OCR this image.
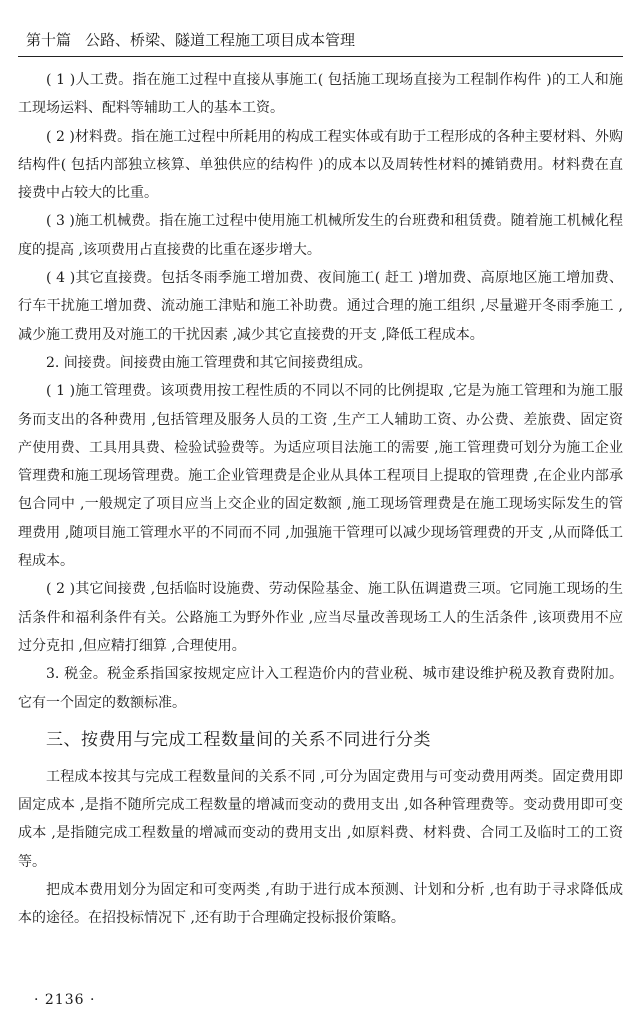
第十篇 公路、桥梁、隧道工程施工项目成本管理

( 1 )人工费。指在施工过程中直接从事施工( 包括施工现场直接为工程制作构件 )的工人和施工现场运料、配料等辅助工人的基本工资。

( 2 )材料费。指在施工过程中所耗用的构成工程实体或有助于工程形成的各种主要材料、外购结构件( 包括内部独立核算、单独供应的结构件 )的成本以及周转性材料的摊销费用。材料费在直接费中占较大的比重。

( 3 )施工机械费。指在施工过程中使用施工机械所发生的台班费和租赁费。随着施工机械化程度的提高 ,该项费用占直接费的比重在逐步增大。

( 4 )其它直接费。包括冬雨季施工增加费、夜间施工( 赶工 )增加费、高原地区施工增加费、行车干扰施工增加费、流动施工津贴和施工补助费。通过合理的施工组织 ,尽量避开冬雨季施工 ,减少施工费用及对施工的干扰因素 ,减少其它直接费的开支 ,降低工程成本。

2. 间接费。间接费由施工管理费和其它间接费组成。

( 1 )施工管理费。该项费用按工程性质的不同以不同的比例提取 ,它是为施工管理和为施工服务而支出的各种费用 ,包括管理及服务人员的工资 ,生产工人辅助工资、办公费、差旅费、固定资产使用费、工具用具费、检验试验费等。为适应项目法施工的需要 ,施工管理费可划分为施工企业管理费和施工现场管理费。施工企业管理费是企业从具体工程项目上提取的管理费 ,在企业内部承包合同中 ,一般规定了项目应当上交企业的固定数额 ,施工现场管理费是在施工现场实际发生的管理费用 ,随项目施工管理水平的不同而不同 ,加强施干管理可以减少现场管理费的开支 ,从而降低工程成本。

( 2 )其它间接费 ,包括临时设施费、劳动保险基金、施工队伍调遣费三项。它同施工现场的生活条件和福利条件有关。公路施工为野外作业 ,应当尽量改善现场工人的生活条件 ,该项费用不应过分克扣 ,但应精打细算 ,合理使用。

3. 税金。税金系指国家按规定应计入工程造价内的营业税、城市建设维护税及教育费附加。它有一个固定的数额标准。

三、按费用与完成工程数量间的关系不同进行分类

工程成本按其与完成工程数量间的关系不同 ,可分为固定费用与可变动费用两类。固定费用即固定成本 ,是指不随所完成工程数量的增减而变动的费用支出 ,如各种管理费等。变动费用即可变成本 ,是指随完成工程数量的增减而变动的费用支出 ,如原料费、材料费、合同工及临时工的工资等。

把成本费用划分为固定和可变两类 ,有助于进行成本预测、计划和分析 ,也有助于寻求降低成本的途径。在招投标情况下 ,还有助于合理确定投标报价策略。

· 2136 ·
